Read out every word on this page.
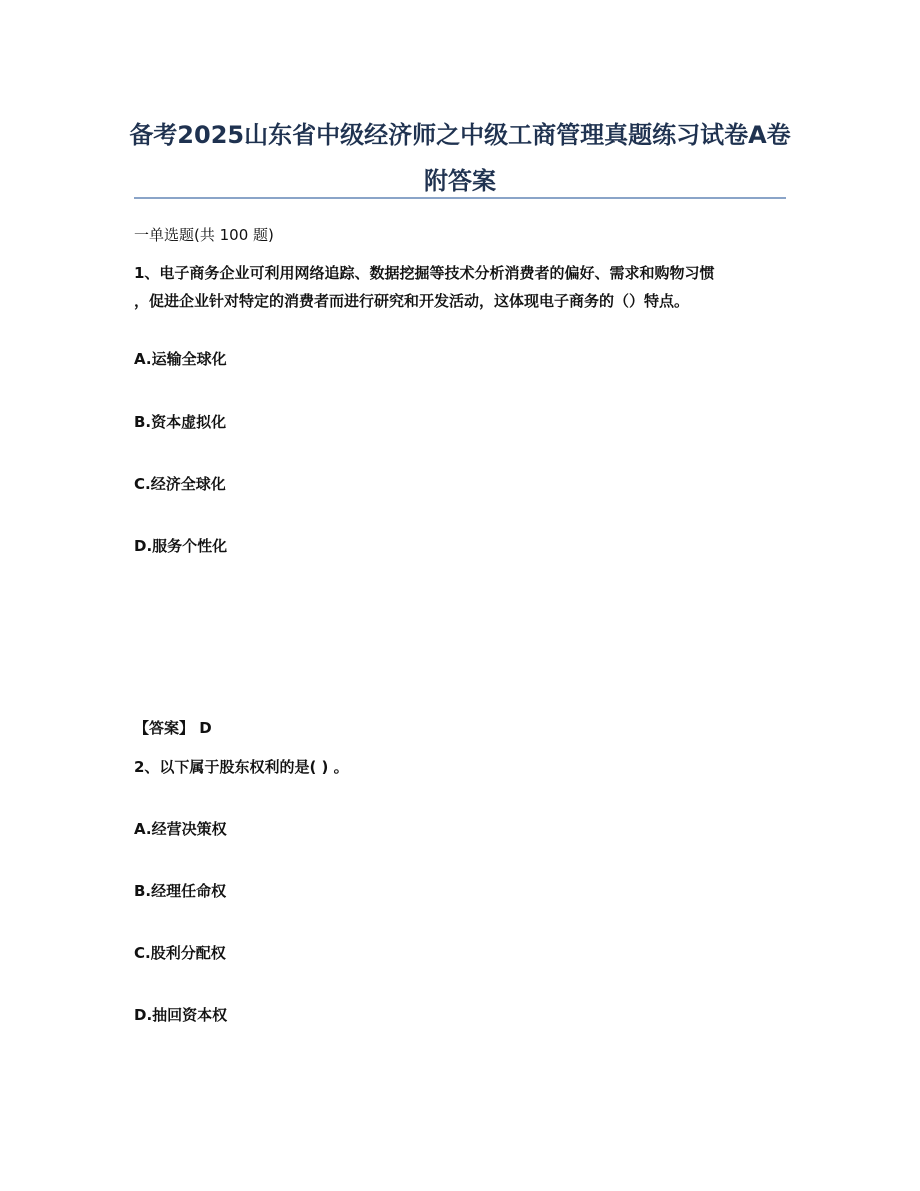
备考2025山东省中级经济师之中级工商管理真题练习试卷A卷附答案
一单选题(共 100 题)
1、电子商务企业可利用网络追踪、数据挖掘等技术分析消费者的偏好、需求和购物习惯
，促进企业针对特定的消费者而进行研究和开发活动，这体现电子商务的（）特点。
A.运输全球化
B.资本虚拟化
C.经济全球化
D.服务个性化
【答案】 D
2、以下属于股东权利的是( ) 。
A.经营决策权
B.经理任命权
C.股利分配权
D.抽回资本权
